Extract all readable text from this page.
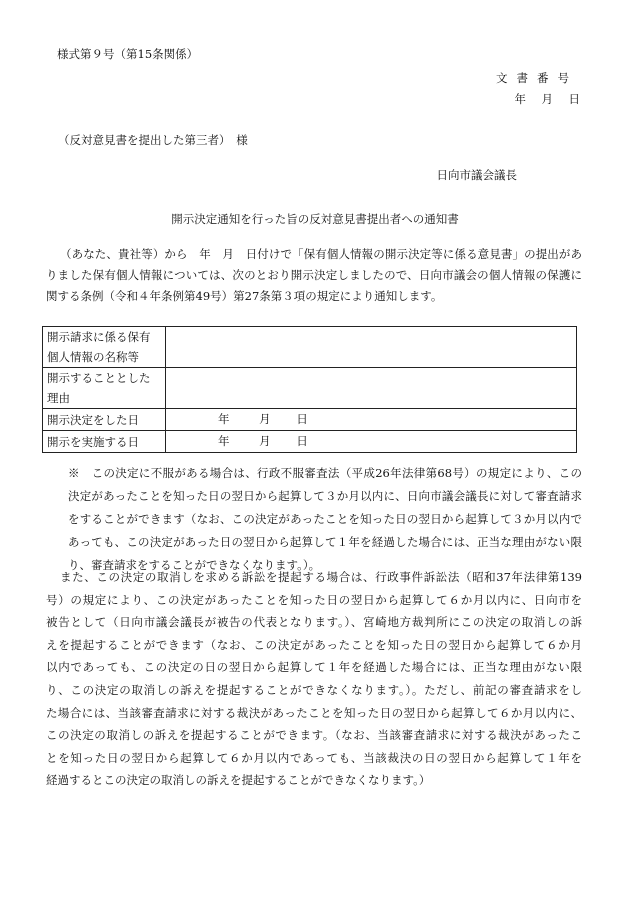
様式第９号（第15条関係）
文書番号
年　月　日
（反対意見書を提出した第三者）　様
日向市議会議長
開示決定通知を行った旨の反対意見書提出者への通知書
（あなた、貴社等）から　年　月　日付けで「保有個人情報の開示決定等に係る意見書」の提出があ
りました保有個人情報については、次のとおり開示決定しましたので、日向市議会の個人情報の保護に
関する条例（令和４年条例第49号）第27条第３項の規定により通知します。
開示請求に係る保有
個人情報の名称等	

開示することとした
理由	

開示決定をした日	年 月 日
開示を実施する日	年 月 日
※　この決定に不服がある場合は、行政不服審査法（平成26年法律第68号）の規定により、この
決定があったことを知った日の翌日から起算して３か月以内に、日向市議会議長に対して審査請求
をすることができます（なお、この決定があったことを知った日の翌日から起算して３か月以内で
あっても、この決定があった日の翌日から起算して１年を経過した場合には、正当な理由がない限
り、審査請求をすることができなくなります。）。
また、この決定の取消しを求める訴訟を提起する場合は、行政事件訴訟法（昭和37年法律第139
号）の規定により、この決定があったことを知った日の翌日から起算して６か月以内に、日向市を
被告として（日向市議会議長が被告の代表となります。）、宮崎地方裁判所にこの決定の取消しの訴
えを提起することができます（なお、この決定があったことを知った日の翌日から起算して６か月
以内であっても、この決定の日の翌日から起算して１年を経過した場合には、正当な理由がない限
り、この決定の取消しの訴えを提起することができなくなります。）。ただし、前記の審査請求をし
た場合には、当該審査請求に対する裁決があったことを知った日の翌日から起算して６か月以内に、
この決定の取消しの訴えを提起することができます。（なお、当該審査請求に対する裁決があったこ
とを知った日の翌日から起算して６か月以内であっても、当該裁決の日の翌日から起算して１年を
経過するとこの決定の取消しの訴えを提起することができなくなります。）
